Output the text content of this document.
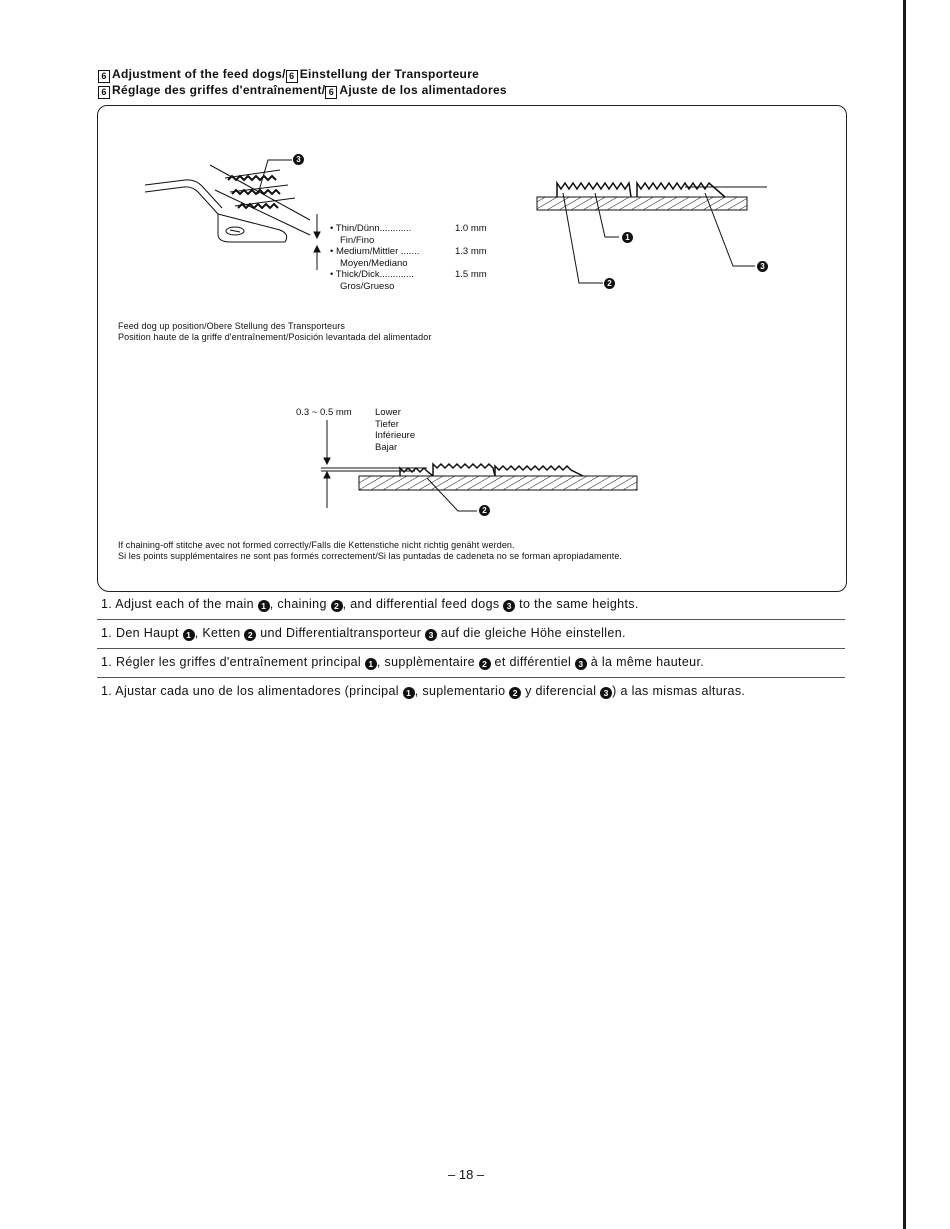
6 Adjustment of the feed dogs/ 6 Einstellung der Transporteure
6 Réglage des griffes d'entraînement/ 6 Ajuste de los alimentadores
3
• Thin/Dünn............	1.0 mm
Fin/Fino
• Medium/Mittler .......	1.3 mm
Moyen/Mediano
• Thick/Dick.............	1.5 mm
Gros/Grueso
1
2
3
Feed dog up position/Obere Stellung des Transporteurs
Position haute de la griffe d'entraînement/Posición levantada del alimentador
0.3 ~ 0.5 mm Lower
Tiefer
Inférieure
Bajar
2
If chaining-off stitche avec not formed correctly/Falls die Kettenstiche nicht richtig genäht werden.
Si les points supplémentaires ne sont pas formés correctement/Si las puntadas de cadeneta no se forman apropiadamente.
1. Adjust each of the main 1 , chaining 2 , and differential feed dogs 3 to the same heights.
1. Den Haupt 1 , Ketten 2 und Differentialtransporteur 3 auf die gleiche Höhe einstellen.
1. Régler les griffes d'entraînement principal 1 , supplèmentaire 2 et différentiel 3 à la même hauteur.
1. Ajustar cada uno de los alimentadores (principal 1 , suplementario 2 y diferencial 3 ) a las mismas alturas.
– 18 –
